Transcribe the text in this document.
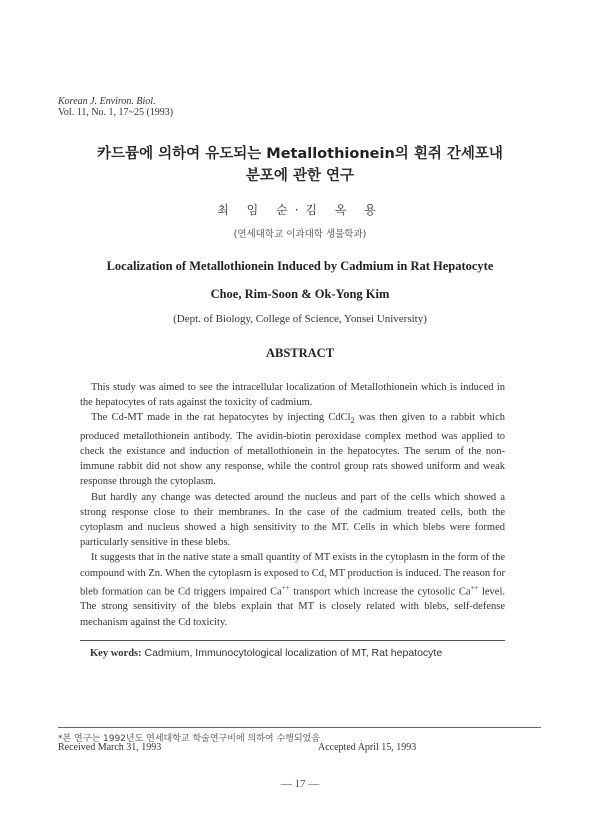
Korean J. Environ. Biol.
Vol. 11, No. 1, 17~25 (1993)
카드뮴에 의하여 유도되는 Metallothionein의 흰쥐 간세포내
분포에 관한 연구
최 임 순·김 옥 용
(연세대학교 이과대학 생물학과)
Localization of Metallothionein Induced by Cadmium in Rat Hepatocyte
Choe, Rim-Soon & Ok-Yong Kim
(Dept. of Biology, College of Science, Yonsei University)
ABSTRACT

This study was aimed to see the intracellular localization of Metallothionein which is induced in the hepatocytes of rats against the toxicity of cadmium.

The Cd-MT made in the rat hepatocytes by injecting CdCl$_2$ was then given to a rabbit which produced metallothionein antibody. The avidin-biotin peroxidase complex method was applied to check the existance and induction of metallothionein in the hepatocytes. The serum of the non-immune rabbit did not show any response, while the control group rats showed uniform and weak response through the cytoplasm.

But hardly any change was detected around the nucleus and part of the cells which showed a strong response close to their membranes. In the case of the cadmium treated cells, both the cytoplasm and nucleus showed a high sensitivity to the MT. Cells in which blebs were formed particularly sensitive in these blebs.

It suggests that in the native state a small quantity of MT exists in the cytoplasm in the form of the compound with Zn. When the cytoplasm is exposed to Cd, MT production is induced. The reason for bleb formation can be Cd triggers impaired Ca++ transport which increase the cytosolic Ca++ level. The strong sensitivity of the blebs explain that MT is closely related with blebs, self-defense mechanism against the Cd toxicity.

Key words: Cadmium, Immunocytological localization of MT, Rat hepatocyte
*본 연구는 1992년도 연세대학교 학술연구비에 의하여 수행되었음
Received March 31, 1993	Accepted April 15, 1993
— 17 —
